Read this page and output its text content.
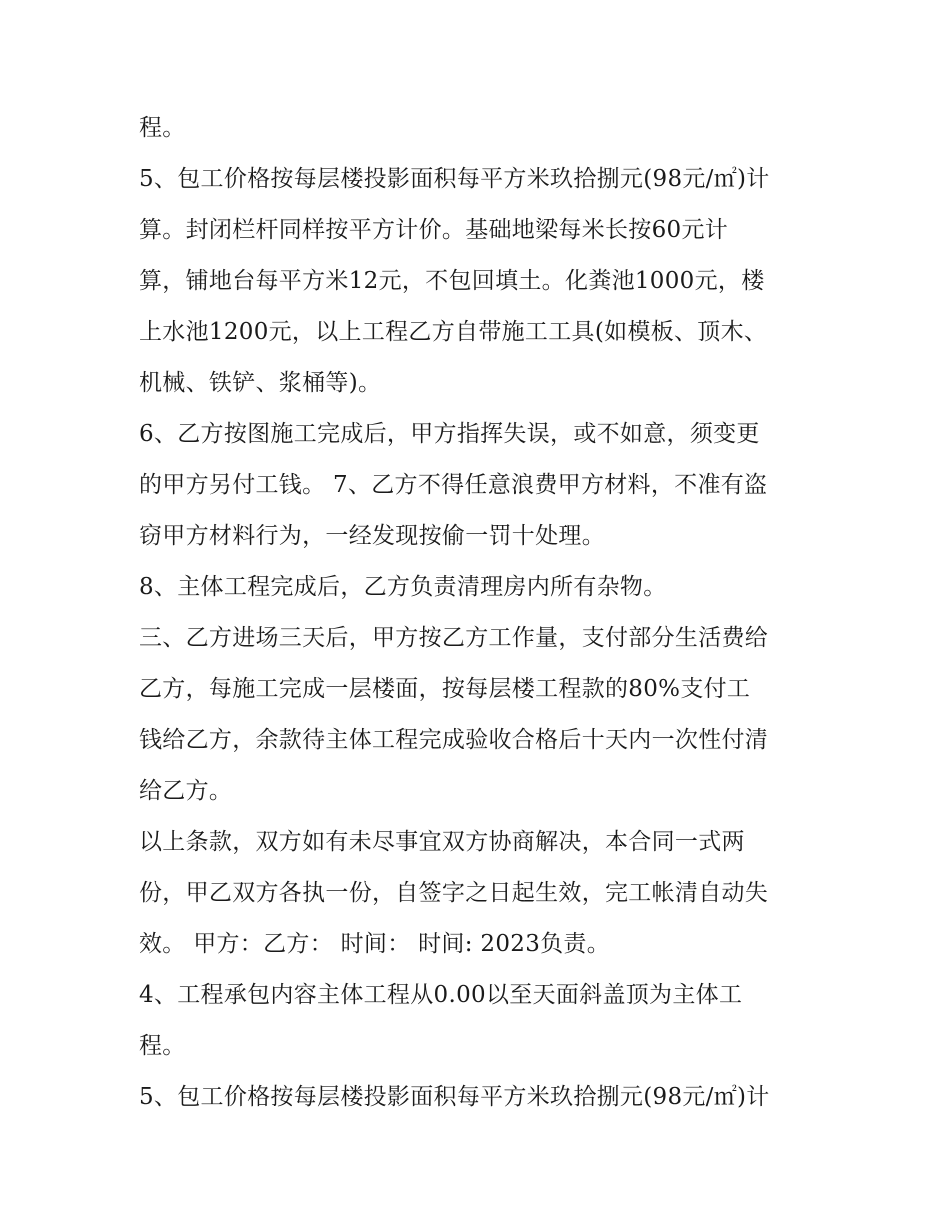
程。
5、包工价格按每层楼投影面积每平方米玖拾捌元(98元/㎡)计
算。封闭栏杆同样按平方计价。基础地梁每米长按60元计
算，铺地台每平方米12元，不包回填土。化粪池1000元，楼
上水池1200元，以上工程乙方自带施工工具(如模板、顶木、
机械、铁铲、浆桶等)。
6、乙方按图施工完成后，甲方指挥失误，或不如意，须变更
的甲方另付工钱。 7、乙方不得任意浪费甲方材料，不准有盗
窃甲方材料行为，一经发现按偷一罚十处理。
8、主体工程完成后，乙方负责清理房内所有杂物。
三、乙方进场三天后，甲方按乙方工作量，支付部分生活费给
乙方，每施工完成一层楼面，按每层楼工程款的80%支付工
钱给乙方，余款待主体工程完成验收合格后十天内一次性付清
给乙方。
以上条款，双方如有未尽事宜双方协商解决，本合同一式两
份，甲乙双方各执一份，自签字之日起生效，完工帐清自动失
效。 甲方：乙方： 时间： 时间: 2023负责。
4、工程承包内容主体工程从0.00以至天面斜盖顶为主体工
程。
5、包工价格按每层楼投影面积每平方米玖拾捌元(98元/㎡)计
